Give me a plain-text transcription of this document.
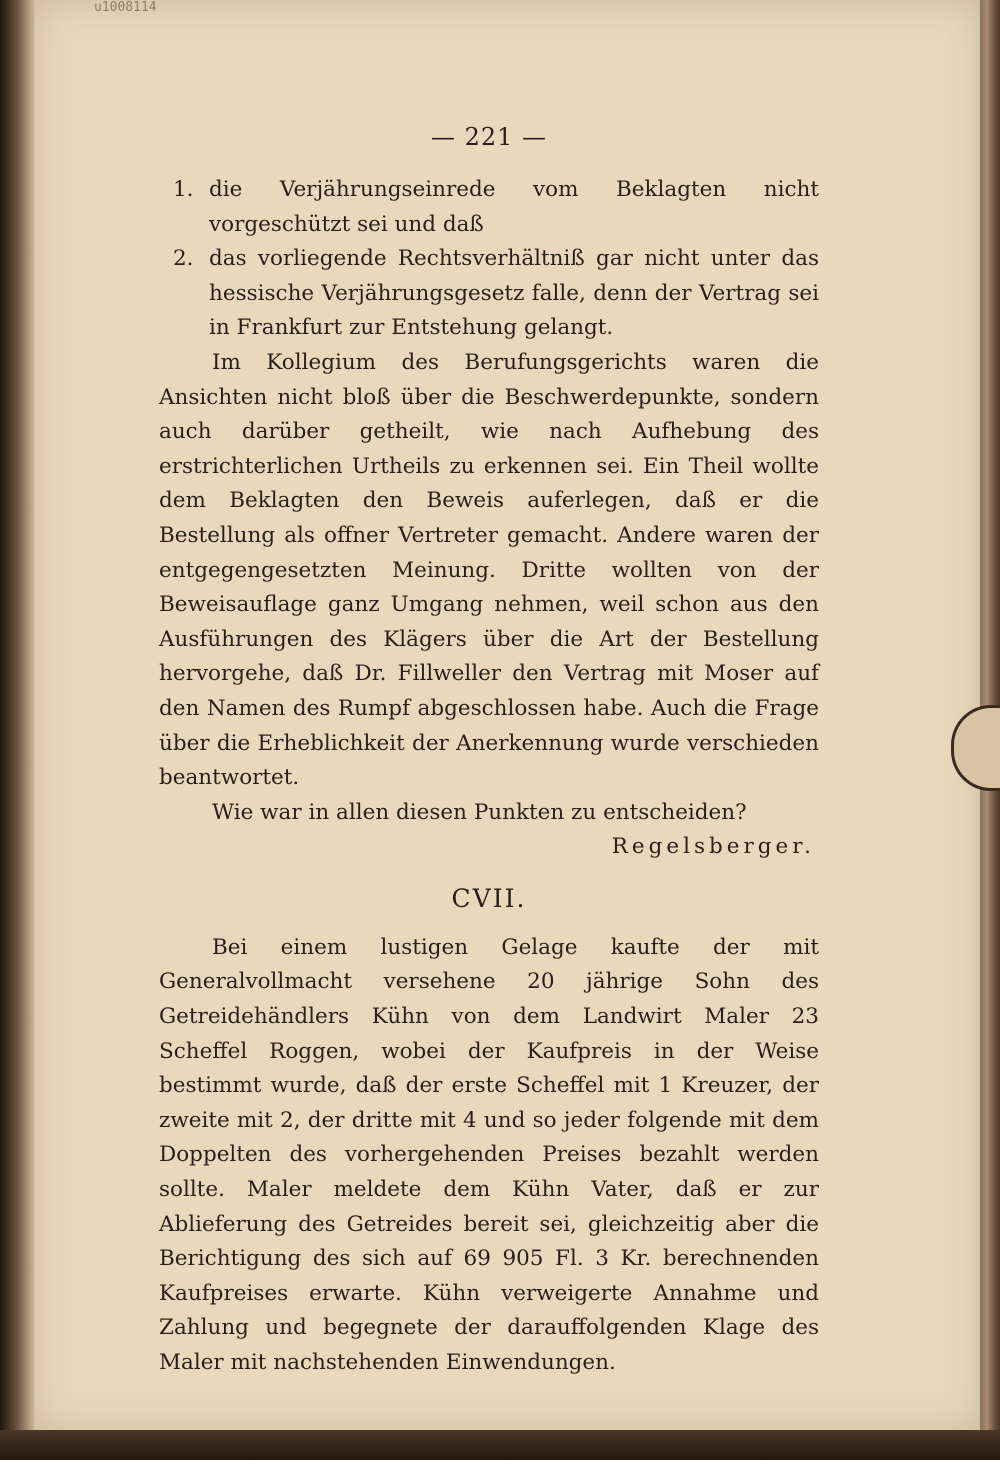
u1008114
— 221 —
1. die Verjährungseinrede vom Beklagten nicht vorgeschützt sei und daß
2. das vorliegende Rechtsverhältniß gar nicht unter das hessische Verjährungsgesetz falle, denn der Vertrag sei in Frankfurt zur Entstehung gelangt.

Im Kollegium des Berufungsgerichts waren die Ansichten nicht bloß über die Beschwerdepunkte, sondern auch darüber getheilt, wie nach Aufhebung des erstrichterlichen Urtheils zu erkennen sei. Ein Theil wollte dem Beklagten den Beweis auferlegen, daß er die Bestellung als offner Vertreter gemacht. Andere waren der entgegengesetzten Meinung. Dritte wollten von der Beweisauflage ganz Umgang nehmen, weil schon aus den Ausführungen des Klägers über die Art der Bestellung hervorgehe, daß Dr. Fillweller den Vertrag mit Moser auf den Namen des Rumpf abgeschlossen habe. Auch die Frage über die Erheblichkeit der Anerkennung wurde verschieden beantwortet.

Wie war in allen diesen Punkten zu entscheiden?

Regelsberger.

CVII.

Bei einem lustigen Gelage kaufte der mit Generalvollmacht versehene 20 jährige Sohn des Getreidehändlers Kühn von dem Landwirt Maler 23 Scheffel Roggen, wobei der Kaufpreis in der Weise bestimmt wurde, daß der erste Scheffel mit 1 Kreuzer, der zweite mit 2, der dritte mit 4 und so jeder folgende mit dem Doppelten des vorhergehenden Preises bezahlt werden sollte. Maler meldete dem Kühn Vater, daß er zur Ablieferung des Getreides bereit sei, gleichzeitig aber die Berichtigung des sich auf 69 905 Fl. 3 Kr. berechnenden Kaufpreises erwarte. Kühn verweigerte Annahme und Zahlung und begegnete der darauffolgenden Klage des Maler mit nachstehenden Einwendungen.
